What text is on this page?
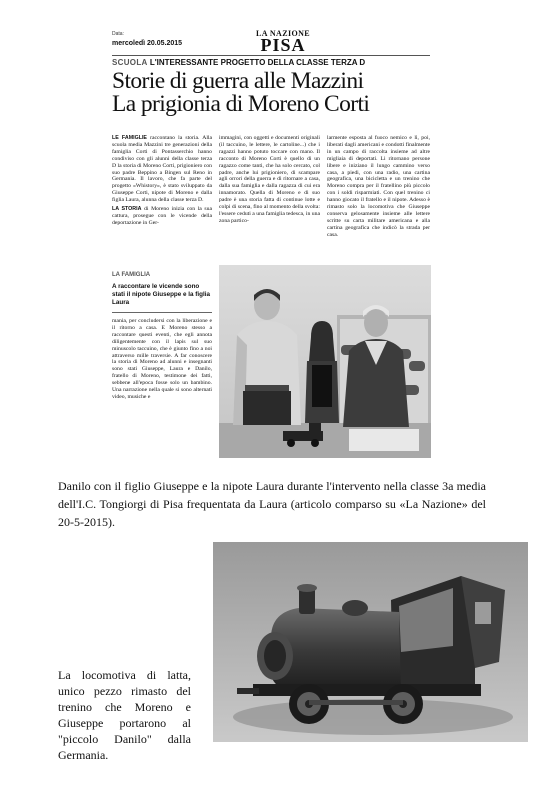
Data:
mercoledì 20.05.2015
LA NAZIONE
PISA
SCUOLA L'INTERESSANTE PROGETTO DELLA CLASSE TERZA D
Storie di guerra alle Mazzini
La prigionia di Moreno Corti

LE FAMIGLIE raccontano la storia. Alla scuola media Mazzini tre generazioni della famiglia Corti di Pontasserchio hanno condiviso con gli alunni della classe terza D la storia di Moreno Corti, prigioniero con suo padre Beppino a Bingen sul Reno in Germania. Il lavoro, che fa parte del progetto «Whistory», è stato sviluppato da Giuseppe Corti, nipote di Moreno e dalla figlia Laura, alunna della classe terza D.

LA STORIA di Moreno inizia con la sua cattura, prosegue con le vicende della deportazione in Ger-

immagini, con oggetti e documenti originali (il taccuino, le lettere, le cartoline...) che i ragazzi hanno potuto toccare con mano. Il racconto di Moreno Corti è quello di un ragazzo come tanti, che ha solo cercato, col padre, anche lui prigioniero, di scampare agli orrori della guerra e di ritornare a casa, dalla sua famiglia e dalla ragazza di cui era innamorato. Quella di Moreno e di suo padre è una storia fatta di continue lotte e colpi di scena, fino al momento della svolta: l'essere ceduti a una famiglia tedesca, in una zona partico-

larmente esposta al fuoco nemico e lì, poi, liberati dagli americani e condotti finalmente in un campo di raccolta insieme ad altre migliaia di deportati. Li ritornano persone libere e iniziano il lungo cammino verso casa, a piedi, con una radio, una cartina geografica, una bicicletta e un trenino che Moreno compra per il fratellino più piccolo con i soldi risparmiati. Con quel trenino ci hanno giocato il fratello e il nipote. Adesso è rimasto solo la locomotiva che Giuseppe conserva gelosamente insieme alle lettere scritte su carta militare americana e alla cartina geografica che indicò la strada per casa.

LA FAMIGLIA
A raccontare le vicende sono stati il nipote Giuseppe e la figlia Laura

mania, per concludersi con la liberazione e il ritorno a casa. E Moreno stesso a raccontare questi eventi, che egli annota diligentemente con il lapis sul suo minuscolo taccuino, che è giunto fino a noi attraverso mille traversie. A far conoscere la storia di Moreno ad alunni e insegnanti sono stati Giuseppe, Laura e Danilo, fratello di Moreno, testimone dei fatti, sebbene all'epoca fosse solo un bambino. Una narrazione nella quale si sono alternati video, musiche e

Danilo con il figlio Giuseppe e la nipote Laura durante l'intervento nella classe 3a media dell'I.C. Tongiorgi di Pisa frequentata da Laura (articolo comparso su «La Nazione» del 20-5-2015).
La locomotiva di latta, unico pezzo rimasto del trenino che Moreno e Giuseppe portarono al "piccolo Danilo" dalla Germania.
